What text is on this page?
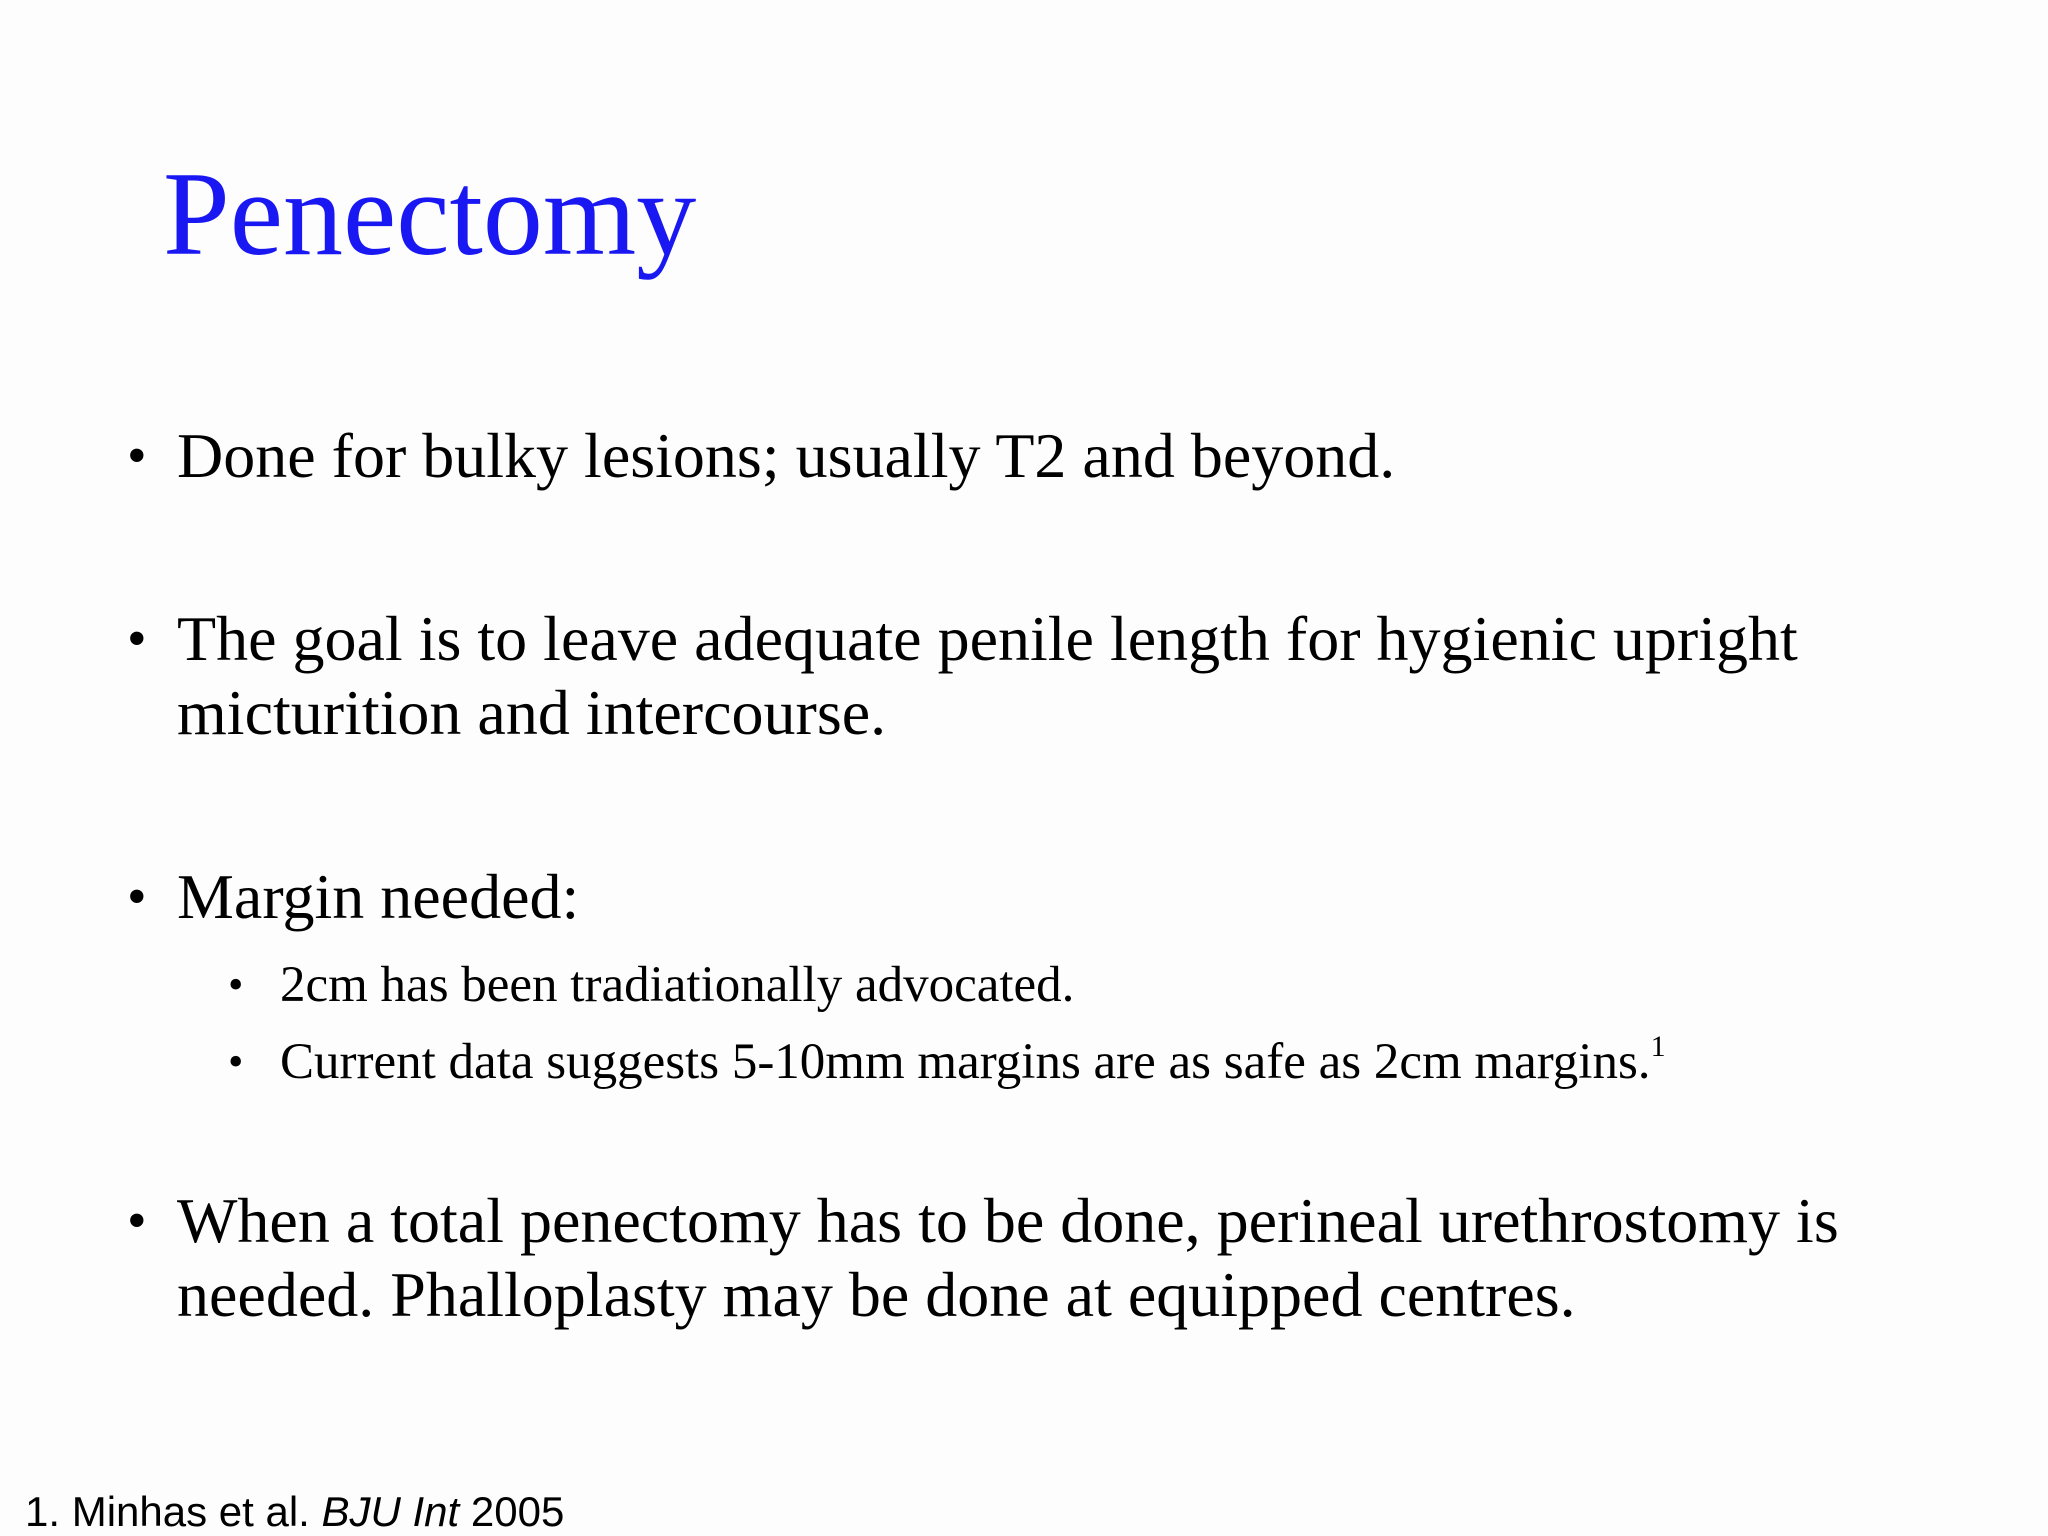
Penectomy
• Done for bulky lesions; usually T2 and beyond.
• The goal is to leave adequate penile length for hygienic upright micturition and intercourse.
• Margin needed:
• 2cm has been tradiationally advocated.
• Current data suggests 5-10mm margins are as safe as 2cm margins.$^1$
• When a total penectomy has to be done, perineal urethrostomy is needed. Phalloplasty may be done at equipped centres.
1. Minhas et al. BJU Int 2005
